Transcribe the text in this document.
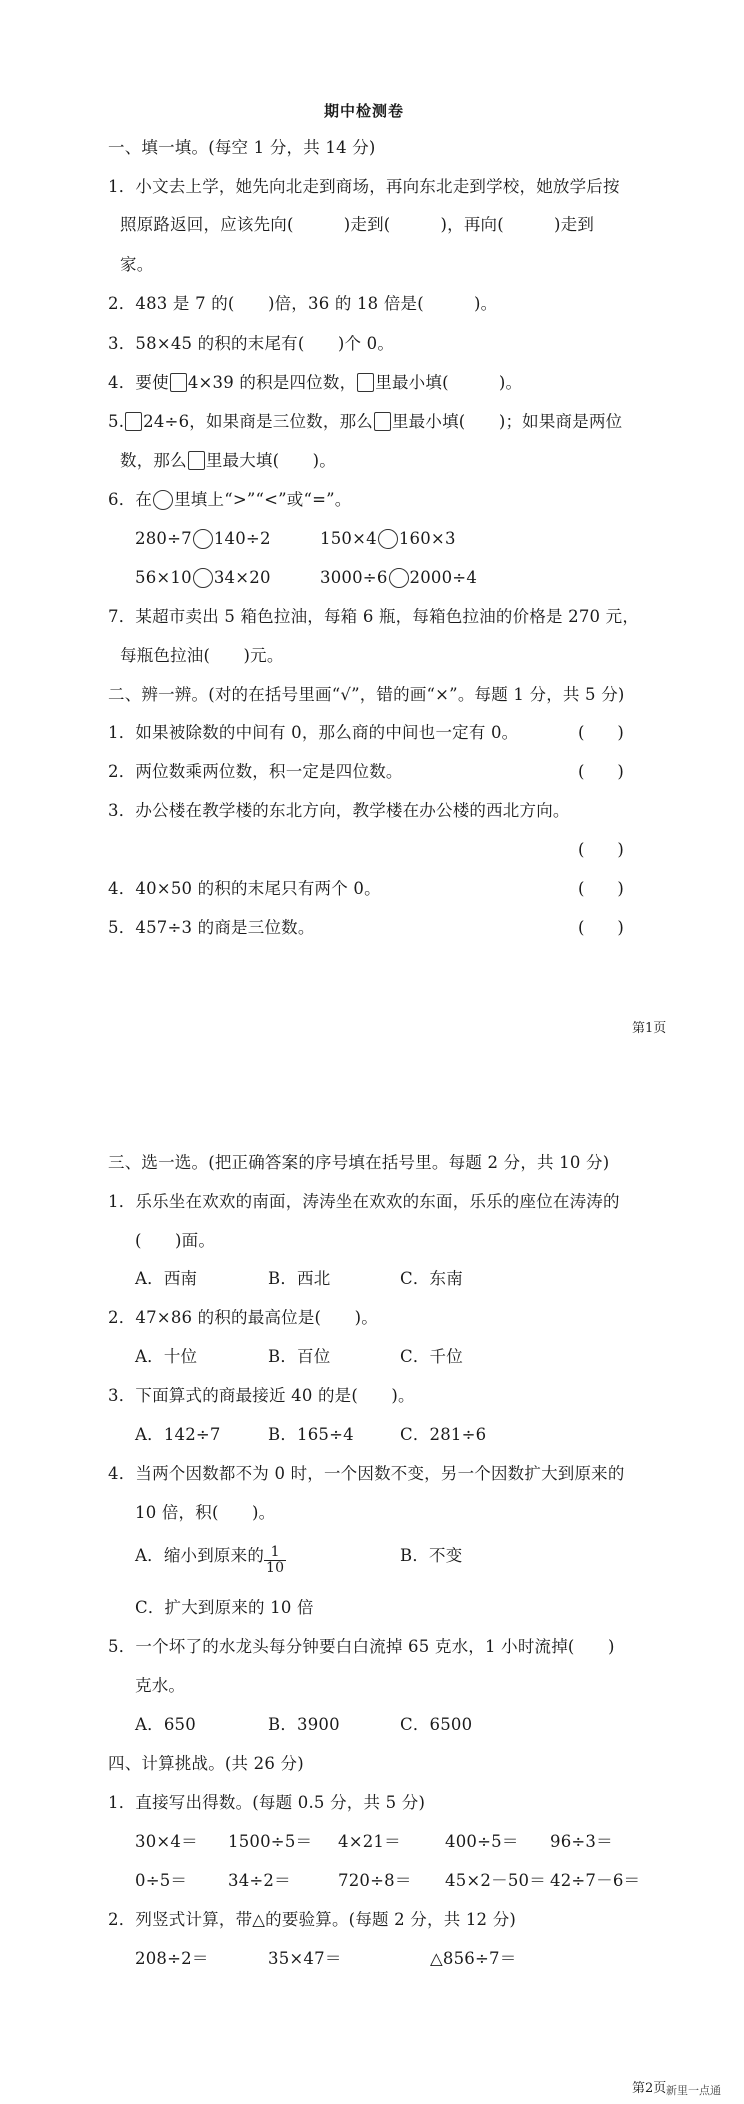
期中检测卷
一、填一填。(每空 1 分，共 14 分)
1．小文去上学，她先向北走到商场，再向东北走到学校，她放学后按
照原路返回，应该先向(　　　)走到(　　　)，再向(　　　)走到
家。
2．483 是 7 的(　　)倍，36 的 18 倍是(　　　)。
3．58×45 的积的末尾有(　　)个 0。
4．要使 4×39 的积是四位数， 里最小填(　　　)。
5. 24÷6，如果商是三位数，那么 里最小填(　　)；如果商是两位
数，那么 里最大填(　　)。
6．在 里填上“>”“<”或“=”。
280÷7 140÷2	150×4 160×3
56×10 34×20	3000÷6 2000÷4
7．某超市卖出 5 箱色拉油，每箱 6 瓶，每箱色拉油的价格是 270 元，
每瓶色拉油(　　)元。
二、辨一辨。(对的在括号里画“√”，错的画“×”。每题 1 分，共 5 分)
1．如果被除数的中间有 0，那么商的中间也一定有 0。	(　　)
2．两位数乘两位数，积一定是四位数。	(　　)
3．办公楼在教学楼的东北方向，教学楼在办公楼的西北方向。
(　　)
4．40×50 的积的末尾只有两个 0。	(　　)
5．457÷3 的商是三位数。	(　　)
第1页
三、选一选。(把正确答案的序号填在括号里。每题 2 分，共 10 分)
1．乐乐坐在欢欢的南面，涛涛坐在欢欢的东面，乐乐的座位在涛涛的
(　　)面。
A．西南	B．西北	C．东南
2．47×86 的积的最高位是(　　)。
A．十位	B．百位	C．千位
3．下面算式的商最接近 40 的是(　　)。
A．142÷7	B．165÷4	C．281÷6
4．当两个因数都不为 0 时，一个因数不变，另一个因数扩大到原来的
10 倍，积(　　)。
A．缩小到原来的 $\frac{1}{10}$	B．不变
C．扩大到原来的 10 倍
5．一个坏了的水龙头每分钟要白白流掉 65 克水，1 小时流掉(　　)
克水。
A．650	B．3900	C．6500
四、计算挑战。(共 26 分)
1．直接写出得数。(每题 0.5 分，共 5 分)
30×4＝ 1500÷5＝ 4×21＝	400÷5＝ 96÷3＝
0÷5＝ 34÷2＝	720÷8＝ 45×2－50＝ 42÷7－6＝
2．列竖式计算，带△的要验算。(每题 2 分，共 12 分)
208÷2＝	35×47＝	△856÷7＝
第2页 新里一点通
